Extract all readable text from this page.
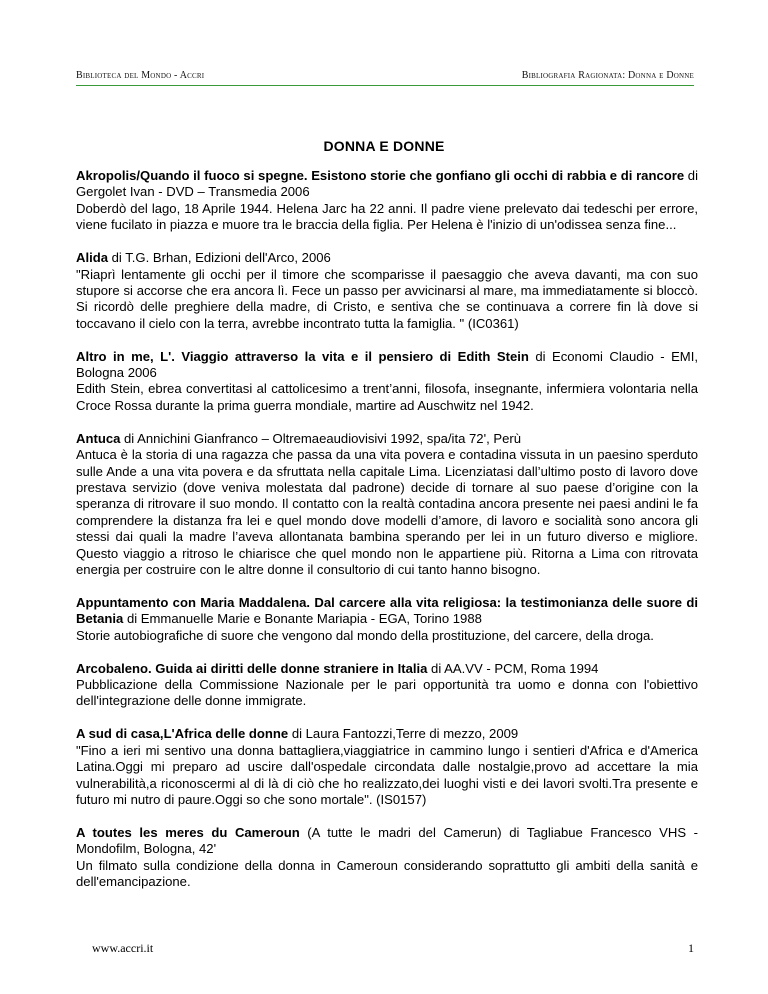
Biblioteca del Mondo - Accri	Bibliografia Ragionata: Donna e Donne
DONNA E DONNE
Akropolis/Quando il fuoco si spegne. Esistono storie che gonfiano gli occhi di rabbia e di rancore di Gergolet Ivan - DVD – Transmedia 2006
Doberdò del lago, 18 Aprile 1944. Helena Jarc ha 22 anni. Il padre viene prelevato dai tedeschi per errore, viene fucilato in piazza e muore tra le braccia della figlia. Per Helena è l'inizio di un'odissea senza fine...
Alida di T.G. Brhan, Edizioni dell'Arco, 2006
"Riaprì lentamente gli occhi per il timore che scomparisse il paesaggio che aveva davanti, ma con suo stupore si accorse che era ancora lì. Fece un passo per avvicinarsi al mare, ma immediatamente si bloccò. Si ricordò delle preghiere della madre, di Cristo, e sentiva che se continuava a correre fin là dove si toccavano il cielo con la terra, avrebbe incontrato tutta la famiglia. " (IC0361)
Altro in me, L'. Viaggio attraverso la vita e il pensiero di Edith Stein di Economi Claudio - EMI, Bologna 2006
Edith Stein, ebrea convertitasi al cattolicesimo a trent’anni, filosofa, insegnante, infermiera volontaria nella Croce Rossa durante la prima guerra mondiale, martire ad Auschwitz nel 1942.
Antuca di Annichini Gianfranco – Oltremaeaudiovisivi 1992, spa/ita 72', Perù
Antuca è la storia di una ragazza che passa da una vita povera e contadina vissuta in un paesino sperduto sulle Ande a una vita povera e da sfruttata nella capitale Lima. Licenziatasi dall’ultimo posto di lavoro dove prestava servizio (dove veniva molestata dal padrone) decide di tornare al suo paese d’origine con la speranza di ritrovare il suo mondo. Il contatto con la realtà contadina ancora presente nei paesi andini le fa comprendere la distanza fra lei e quel mondo dove modelli d’amore, di lavoro e socialità sono ancora gli stessi dai quali la madre l’aveva allontanata bambina sperando per lei in un futuro diverso e migliore. Questo viaggio a ritroso le chiarisce che quel mondo non le appartiene più. Ritorna a Lima con ritrovata energia per costruire con le altre donne il consultorio di cui tanto hanno bisogno.
Appuntamento con Maria Maddalena. Dal carcere alla vita religiosa: la testimonianza delle suore di Betania di Emmanuelle Marie e Bonante Mariapia - EGA, Torino 1988
Storie autobiografiche di suore che vengono dal mondo della prostituzione, del carcere, della droga.
Arcobaleno. Guida ai diritti delle donne straniere in Italia di AA.VV - PCM, Roma 1994
Pubblicazione della Commissione Nazionale per le pari opportunità tra uomo e donna con l'obiettivo dell'integrazione delle donne immigrate.
A sud di casa,L'Africa delle donne di Laura Fantozzi,Terre di mezzo, 2009
"Fino a ieri mi sentivo una donna battagliera,viaggiatrice in cammino lungo i sentieri d'Africa e d'America Latina.Oggi mi preparo ad uscire dall'ospedale circondata dalle nostalgie,provo ad accettare la mia vulnerabilità,a riconoscermi al di là di ciò che ho realizzato,dei luoghi visti e dei lavori svolti.Tra presente e futuro mi nutro di paure.Oggi so che sono mortale". (IS0157)
A toutes les meres du Cameroun (A tutte le madri del Camerun) di Tagliabue Francesco VHS - Mondofilm, Bologna, 42'
Un filmato sulla condizione della donna in Cameroun considerando soprattutto gli ambiti della sanità e dell'emancipazione.
www.accri.it	1
